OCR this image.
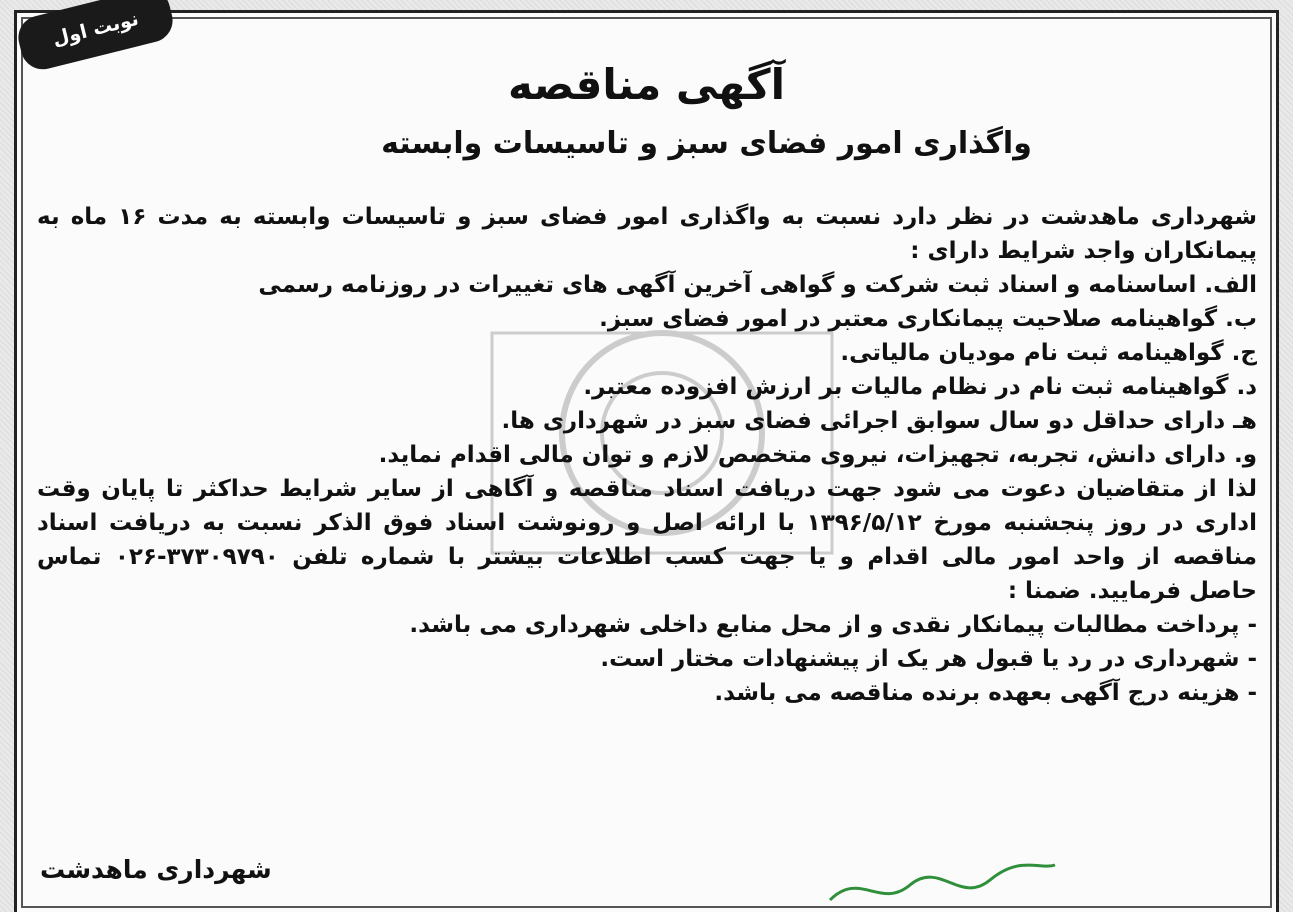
نوبت اول
آگهی مناقصه
واگذاری امور فضای سبز و تاسیسات وابسته
شهرداری ماهدشت در نظر دارد نسبت به واگذاری امور فضای سبز و تاسیسات وابسته به مدت ۱۶ ماه به
پیمانکاران واجد شرایط دارای :
الف. اساسنامه و اسناد ثبت شرکت و گواهی آخرین آگهی های تغییرات در روزنامه رسمی
ب. گواهینامه صلاحیت پیمانکاری معتبر در امور فضای سبز.
ج. گواهینامه ثبت نام مودیان مالیاتی.
د. گواهینامه ثبت نام در نظام مالیات بر ارزش افزوده معتبر.
هـ دارای حداقل دو سال سوابق اجرائی فضای سبز در شهرداری ها.
و. دارای دانش، تجربه، تجهیزات، نیروی متخصص لازم و توان مالی اقدام نماید.
لذا از متقاضیان دعوت می شود جهت دریافت اسناد مناقصه و آگاهی از سایر شرایط حداکثر تا پایان وقت
اداری در روز پنجشنبه مورخ ۱۳۹۶/۵/۱۲ با ارائه اصل و رونوشت اسناد فوق الذکر نسبت به دریافت اسناد
مناقصه از واحد امور مالی اقدام و یا جهت کسب اطلاعات بیشتر با شماره تلفن ۳۷۳۰۹۷۹۰-۰۲۶ تماس
حاصل فرمایید. ضمنا :
- پرداخت مطالبات پیمانکار نقدی و از محل منابع داخلی شهرداری می باشد.
- شهرداری در رد یا قبول هر یک از پیشنهادات مختار است.
- هزینه درج آگهی بعهده برنده مناقصه می باشد.
شهرداری ماهدشت
